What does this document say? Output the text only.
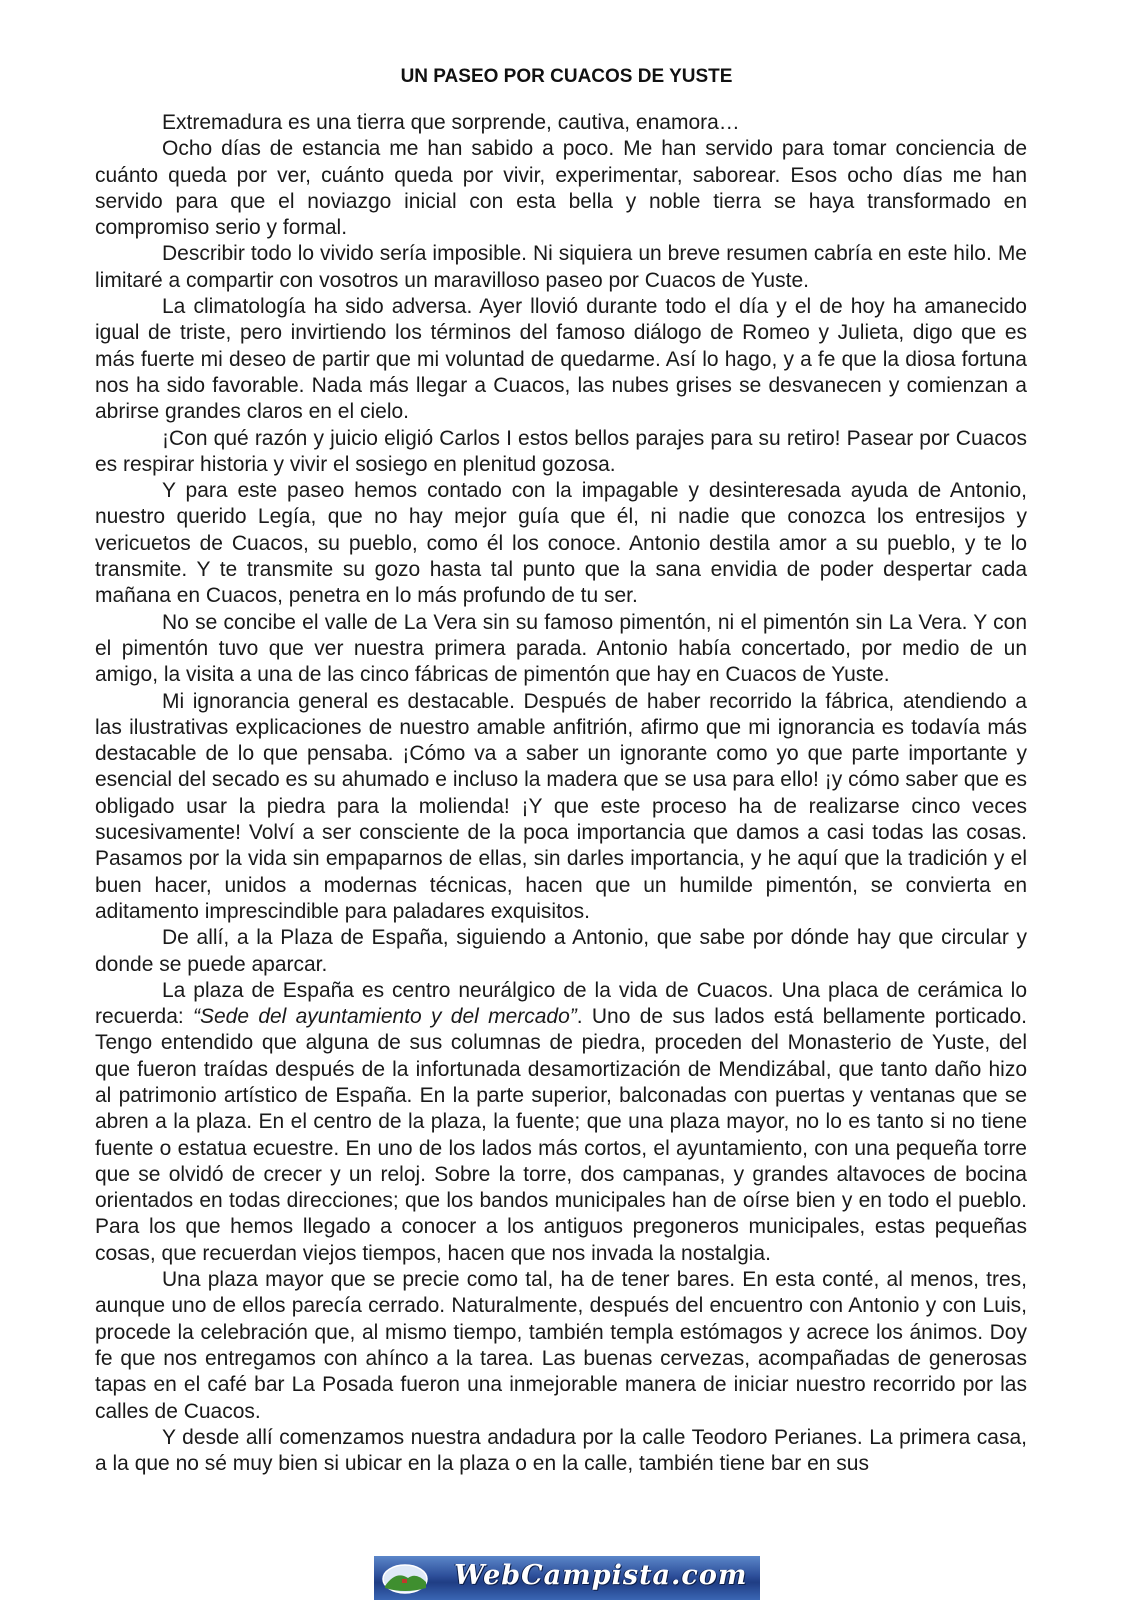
UN PASEO POR CUACOS DE YUSTE

Extremadura es una tierra que sorprende, cautiva, enamora…

Ocho días de estancia me han sabido a poco. Me han servido para tomar conciencia de cuánto queda por ver, cuánto queda por vivir, experimentar, saborear. Esos ocho días me han servido para que el noviazgo inicial con esta bella y noble tierra se haya transformado en compromiso serio y formal.

Describir todo lo vivido sería imposible. Ni siquiera un breve resumen cabría en este hilo. Me limitaré a compartir con vosotros un maravilloso paseo por Cuacos de Yuste.

La climatología ha sido adversa. Ayer llovió durante todo el día y el de hoy ha amanecido igual de triste, pero invirtiendo los términos del famoso diálogo de Romeo y Julieta, digo que es más fuerte mi deseo de partir que mi voluntad de quedarme. Así lo hago, y a fe que la diosa fortuna nos ha sido favorable. Nada más llegar a Cuacos, las nubes grises se desvanecen y comienzan a abrirse grandes claros en el cielo.

¡Con qué razón y juicio eligió Carlos I estos bellos parajes para su retiro! Pasear por Cuacos es respirar historia y vivir el sosiego en plenitud gozosa.

Y para este paseo hemos contado con la impagable y desinteresada ayuda de Antonio, nuestro querido Legía, que no hay mejor guía que él, ni nadie que conozca los entresijos y vericuetos de Cuacos, su pueblo, como él los conoce. Antonio destila amor a su pueblo, y te lo transmite. Y te transmite su gozo hasta tal punto que la sana envidia de poder despertar cada mañana en Cuacos, penetra en lo más profundo de tu ser.

No se concibe el valle de La Vera sin su famoso pimentón, ni el pimentón sin La Vera. Y con el pimentón tuvo que ver nuestra primera parada. Antonio había concertado, por medio de un amigo, la visita a una de las cinco fábricas de pimentón que hay en Cuacos de Yuste.

Mi ignorancia general es destacable. Después de haber recorrido la fábrica, atendiendo a las ilustrativas explicaciones de nuestro amable anfitrión, afirmo que mi ignorancia es todavía más destacable de lo que pensaba. ¡Cómo va a saber un ignorante como yo que parte importante y esencial del secado es su ahumado e incluso la madera que se usa para ello! ¡y cómo saber que es obligado usar la piedra para la molienda! ¡Y que este proceso ha de realizarse cinco veces sucesivamente! Volví a ser consciente de la poca importancia que damos a casi todas las cosas. Pasamos por la vida sin empaparnos de ellas, sin darles importancia, y he aquí que la tradición y el buen hacer, unidos a modernas técnicas, hacen que un humilde pimentón, se convierta en aditamento imprescindible para paladares exquisitos.

De allí, a la Plaza de España, siguiendo a Antonio, que sabe por dónde hay que circular y donde se puede aparcar.

La plaza de España es centro neurálgico de la vida de Cuacos. Una placa de cerámica lo recuerda: “Sede del ayuntamiento y del mercado”. Uno de sus lados está bellamente porticado. Tengo entendido que alguna de sus columnas de piedra, proceden del Monasterio de Yuste, del que fueron traídas después de la infortunada desamortización de Mendizábal, que tanto daño hizo al patrimonio artístico de España. En la parte superior, balconadas con puertas y ventanas que se abren a la plaza. En el centro de la plaza, la fuente; que una plaza mayor, no lo es tanto si no tiene fuente o estatua ecuestre. En uno de los lados más cortos, el ayuntamiento, con una pequeña torre que se olvidó de crecer y un reloj. Sobre la torre, dos campanas, y grandes altavoces de bocina orientados en todas direcciones; que los bandos municipales han de oírse bien y en todo el pueblo. Para los que hemos llegado a conocer a los antiguos pregoneros municipales, estas pequeñas cosas, que recuerdan viejos tiempos, hacen que nos invada la nostalgia.

Una plaza mayor que se precie como tal, ha de tener bares. En esta conté, al menos, tres, aunque uno de ellos parecía cerrado. Naturalmente, después del encuentro con Antonio y con Luis, procede la celebración que, al mismo tiempo, también templa estómagos y acrece los ánimos. Doy fe que nos entregamos con ahínco a la tarea. Las buenas cervezas, acompañadas de generosas tapas en el café bar La Posada fueron una inmejorable manera de iniciar nuestro recorrido por las calles de Cuacos.

Y desde allí comenzamos nuestra andadura por la calle Teodoro Perianes. La primera casa, a la que no sé muy bien si ubicar en la plaza o en la calle, también tiene bar en sus

WebCampista.com
